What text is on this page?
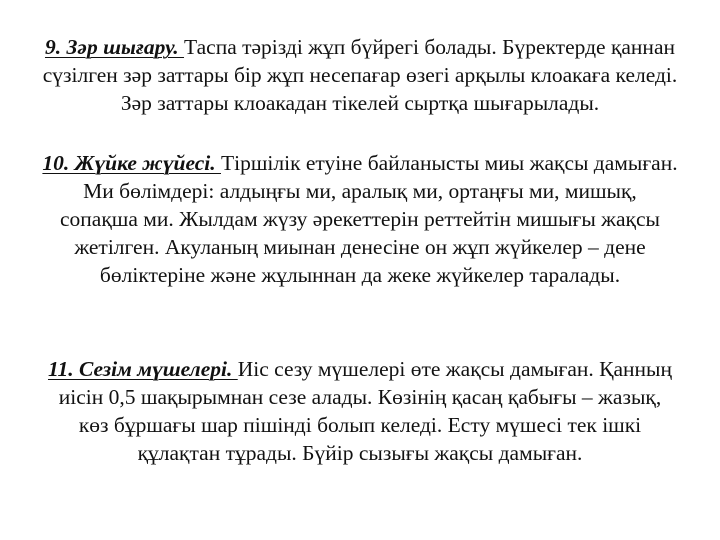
9. Зәр шығару. Таспа тәрізді жұп бүйрегі болады. Бүректерде қаннан
сүзілген зәр заттары бір жұп несепағар өзегі арқылы клоакаға келеді.
Зәр заттары клоакадан тікелей сыртқа шығарылады.

10. Жүйке жүйесі. Тіршілік етуіне байланысты миы жақсы дамыған.
Ми бөлімдері: алдыңғы ми, аралық ми, ортаңғы ми, мишық,
сопақша ми. Жылдам жүзу әрекеттерін реттейтін мишығы жақсы
жетілген. Акуланың миынан денесіне он жұп жүйкелер – дене
бөліктеріне және жұлыннан да жеке жүйкелер таралады.

11. Сезім мүшелері. Иіс сезу мүшелері өте жақсы дамыған. Қанның
иісін 0,5 шақырымнан сезе алады. Көзінің қасаң қабығы – жазық,
көз бұршағы шар пішінді болып келеді. Есту мүшесі тек ішкі
құлақтан тұрады. Бүйір сызығы жақсы дамыған.
